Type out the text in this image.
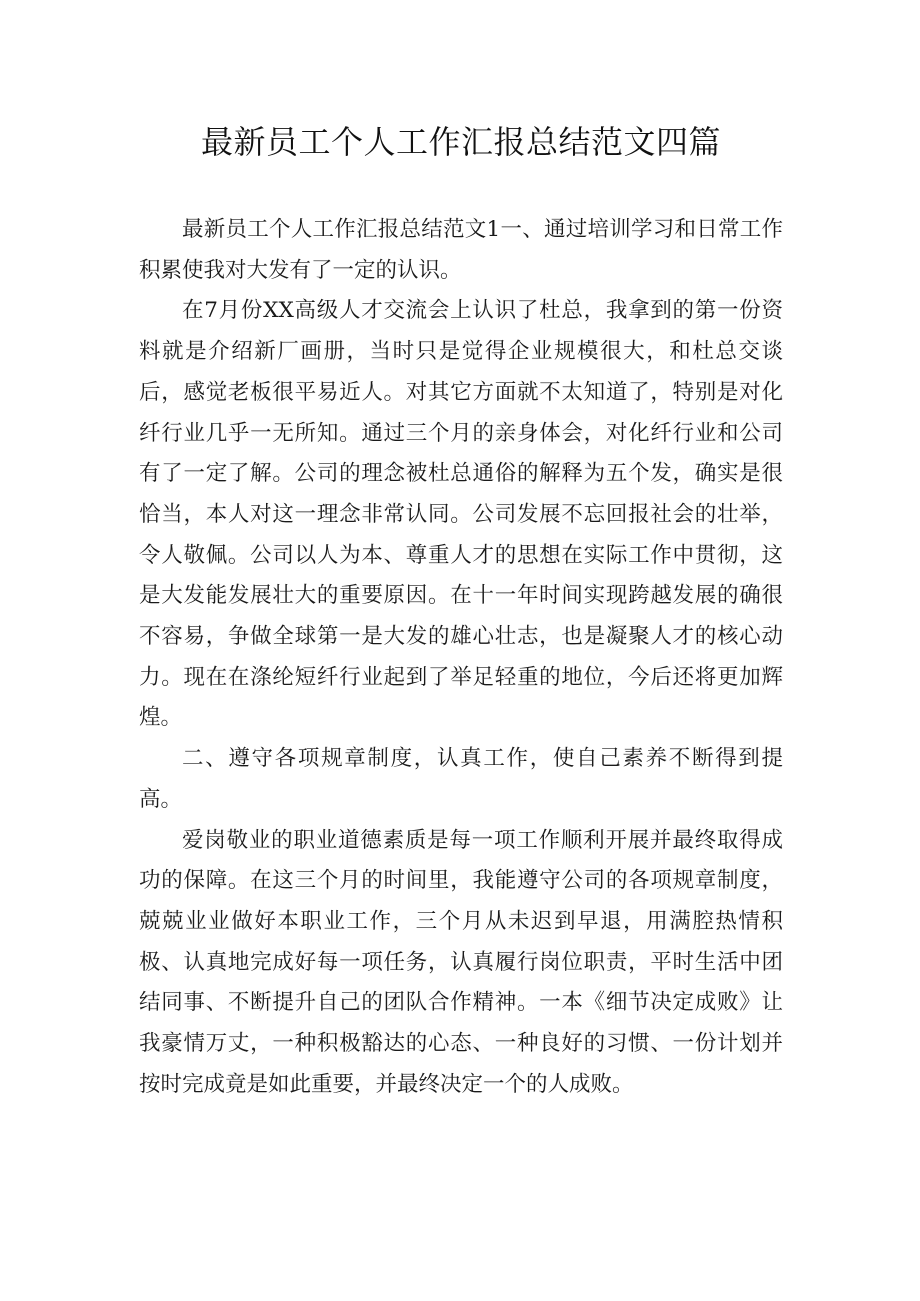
最新员工个人工作汇报总结范文四篇

最新员工个人工作汇报总结范文1一、通过培训学习和日常工作积累使我对大发有了一定的认识。

在7月份XX高级人才交流会上认识了杜总，我拿到的第一份资料就是介绍新厂画册，当时只是觉得企业规模很大，和杜总交谈后，感觉老板很平易近人。对其它方面就不太知道了，特别是对化纤行业几乎一无所知。通过三个月的亲身体会，对化纤行业和公司有了一定了解。公司的理念被杜总通俗的解释为五个发，确实是很恰当，本人对这一理念非常认同。公司发展不忘回报社会的壮举，令人敬佩。公司以人为本、尊重人才的思想在实际工作中贯彻，这是大发能发展壮大的重要原因。在十一年时间实现跨越发展的确很不容易，争做全球第一是大发的雄心壮志，也是凝聚人才的核心动力。现在在涤纶短纤行业起到了举足轻重的地位，今后还将更加辉煌。

二、遵守各项规章制度，认真工作，使自己素养不断得到提高。

爱岗敬业的职业道德素质是每一项工作顺利开展并最终取得成功的保障。在这三个月的时间里，我能遵守公司的各项规章制度，兢兢业业做好本职业工作，三个月从未迟到早退，用满腔热情积极、认真地完成好每一项任务，认真履行岗位职责，平时生活中团结同事、不断提升自己的团队合作精神。一本《细节决定成败》让我豪情万丈，一种积极豁达的心态、一种良好的习惯、一份计划并按时完成竟是如此重要，并最终决定一个的人成败。
